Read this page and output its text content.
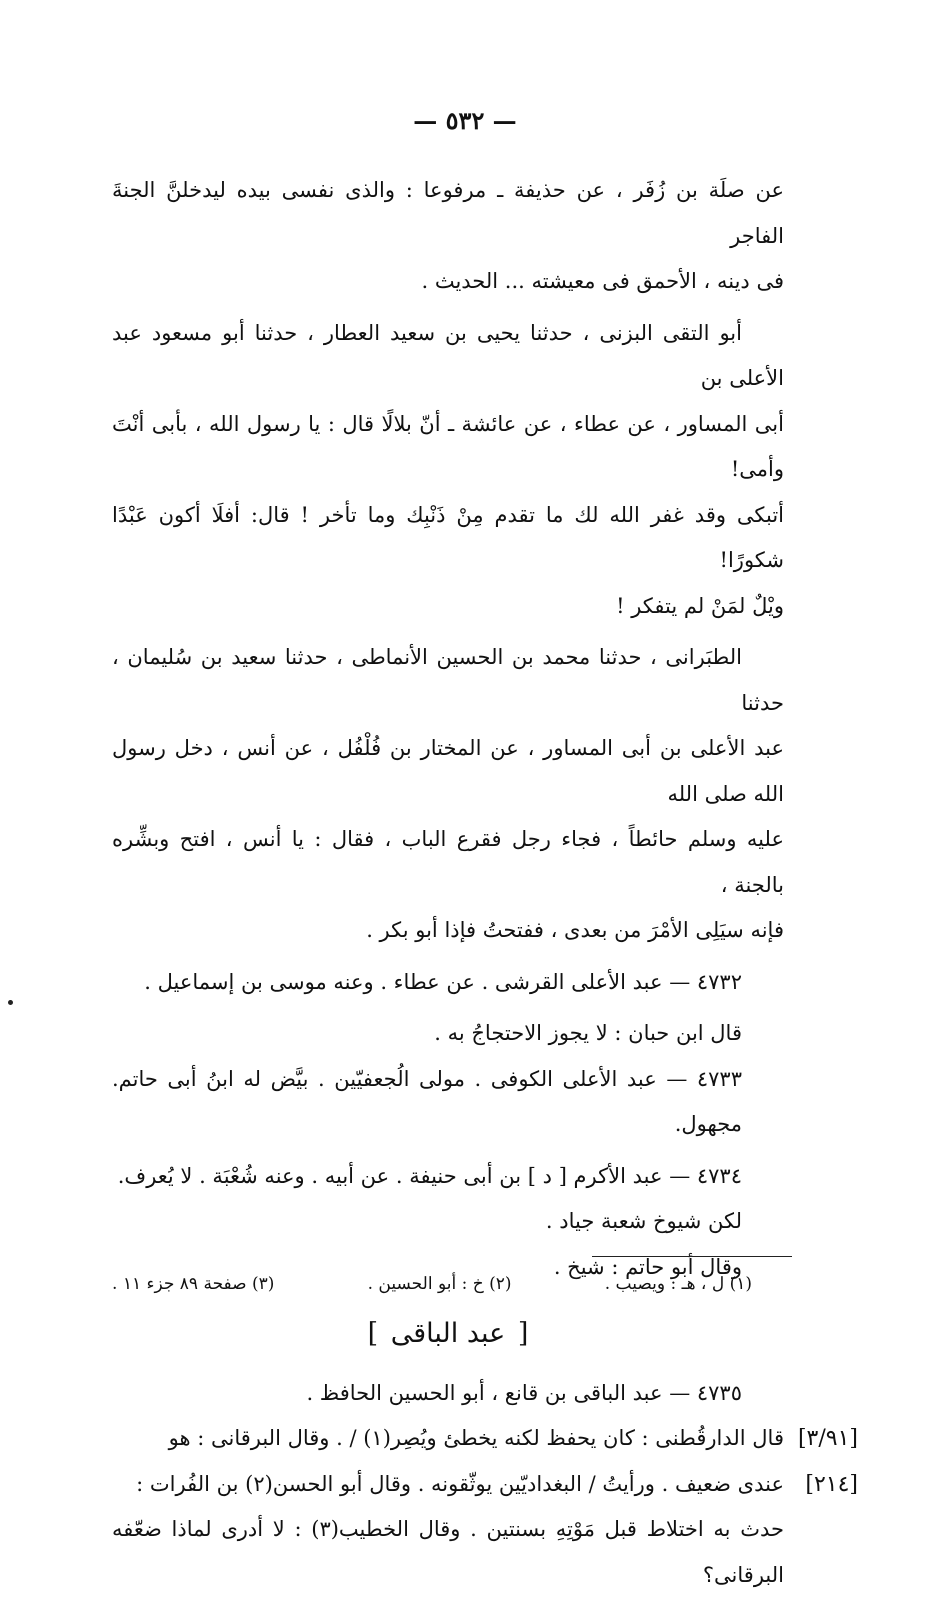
— ٥٣٢ —

عن صلَة بن زُفَر ، عن حذيفة ـ مرفوعا : والذى نفسى بيده ليدخلنَّ الجنةَ الفاجر
فى دينه ، الأحمق فى معيشته ... الحديث .

أبو التقى البزنى ، حدثنا يحيى بن سعيد العطار ، حدثنا أبو مسعود عبد الأعلى بن
أبى المساور ، عن عطاء ، عن عائشة ـ أنّ بلالًا قال : يا رسول الله ، بأبى أنْتَ وأمى!
أتبكى وقد غفر الله لك ما تقدم مِنْ ذَنْبِك وما تأخر ! قال: أفلَا أكون عَبْدًا شكورًا!
ويْلٌ لمَنْ لم يتفكر !

الطبَرانى ، حدثنا محمد بن الحسين الأنماطى ، حدثنا سعيد بن سُليمان ، حدثنا
عبد الأعلى بن أبى المساور ، عن المختار بن فُلْفُل ، عن أنس ، دخل رسول الله صلى الله
عليه وسلم حائطاً ، فجاء رجل فقرع الباب ، فقال : يا أنس ، افتح وبشِّره بالجنة ،
فإنه سيَلِى الأمْرَ من بعدى ، ففتحتُ فإذا أبو بكر .

٤٧٣٢ — عبد الأعلى القرشى . عن عطاء . وعنه موسى بن إسماعيل .

قال ابن حبان : لا يجوز الاحتجاجُ به .

٤٧٣٣ — عبد الأعلى الكوفى . مولى الُجعفيّين . بيَّض له ابنُ أبى حاتم. مجهول.

٤٧٣٤ — عبد الأكرم [ د ] بن أبى حنيفة . عن أبيه . وعنه شُعْبَة . لا يُعرف.

لكن شيوخ شعبة جياد .

وقال أبو حاتم : شيخ .

[ عبد الباقى ]

٤٧٣٥ — عبد الباقى بن قانع ، أبو الحسين الحافظ .

[٣/٩١]
قال الدارقُطنى : كان يحفظ لكنه يخطئ ويُصِر(١) / . وقال البرقانى : هو

[٢١٤]
عندى ضعيف . ورأيتُ / البغداديّين يوثّقونه . وقال أبو الحسن(٢) بن الفُرات :

حدث به اختلاط قبل مَوْتِهِ بسنتين . وقال الخطيب(٣) : لا أدرى لماذا ضعّفه البرقانى؟

(١) ل ، هـ : ويصيب .
(٢) خ : أبو الحسين .
(٣) صفحة ٨٩ جزء ١١ .
